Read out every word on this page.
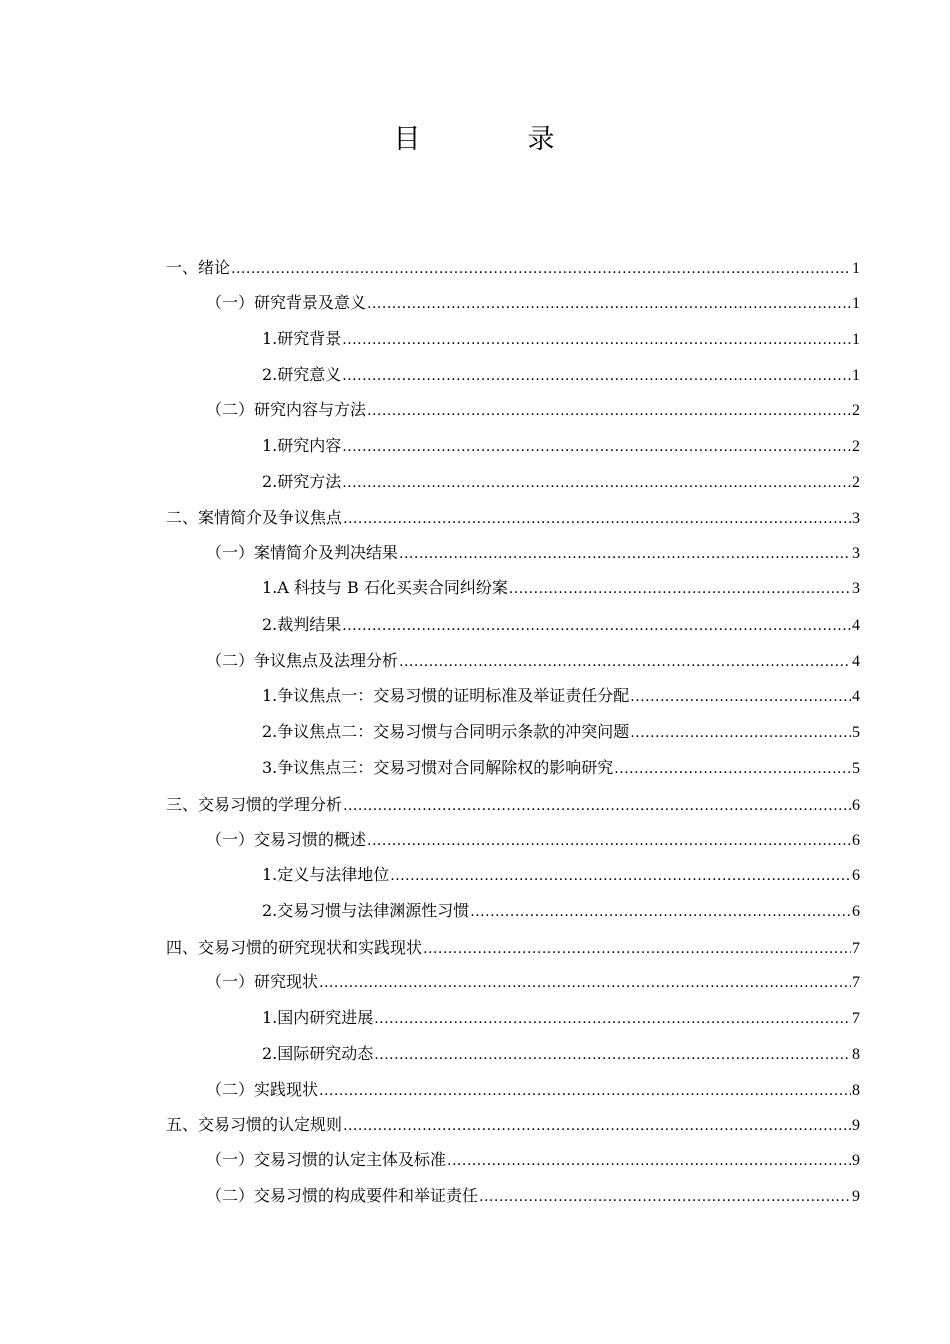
目　录
一、绪论 .....	1
（一）研究背景及意义 .....	1
1.研究背景 .....	1
2.研究意义 .....	1
（二）研究内容与方法 .....	2
1.研究内容 .....	2
2.研究方法 .....	2
二、案情简介及争议焦点 .....	3
（一）案情简介及判决结果 .....	3
1.A 科技与 B 石化买卖合同纠纷案 .....	3
2.裁判结果 .....	4
（二）争议焦点及法理分析 .....	4
1.争议焦点一：交易习惯的证明标准及举证责任分配 .....	4
2.争议焦点二：交易习惯与合同明示条款的冲突问题 .....	5
3.争议焦点三：交易习惯对合同解除权的影响研究 .....	5
三、交易习惯的学理分析 .....	6
（一）交易习惯的概述 .....	6
1.定义与法律地位 .....	6
2.交易习惯与法律渊源性习惯 .....	6
四、交易习惯的研究现状和实践现状 .....	7
（一）研究现状 .....	7
1.国内研究进展 .....	7
2.国际研究动态 .....	8
（二）实践现状 .....	8
五、交易习惯的认定规则 .....	9
（一）交易习惯的认定主体及标准 .....	9
（二）交易习惯的构成要件和举证责任 .....	9
